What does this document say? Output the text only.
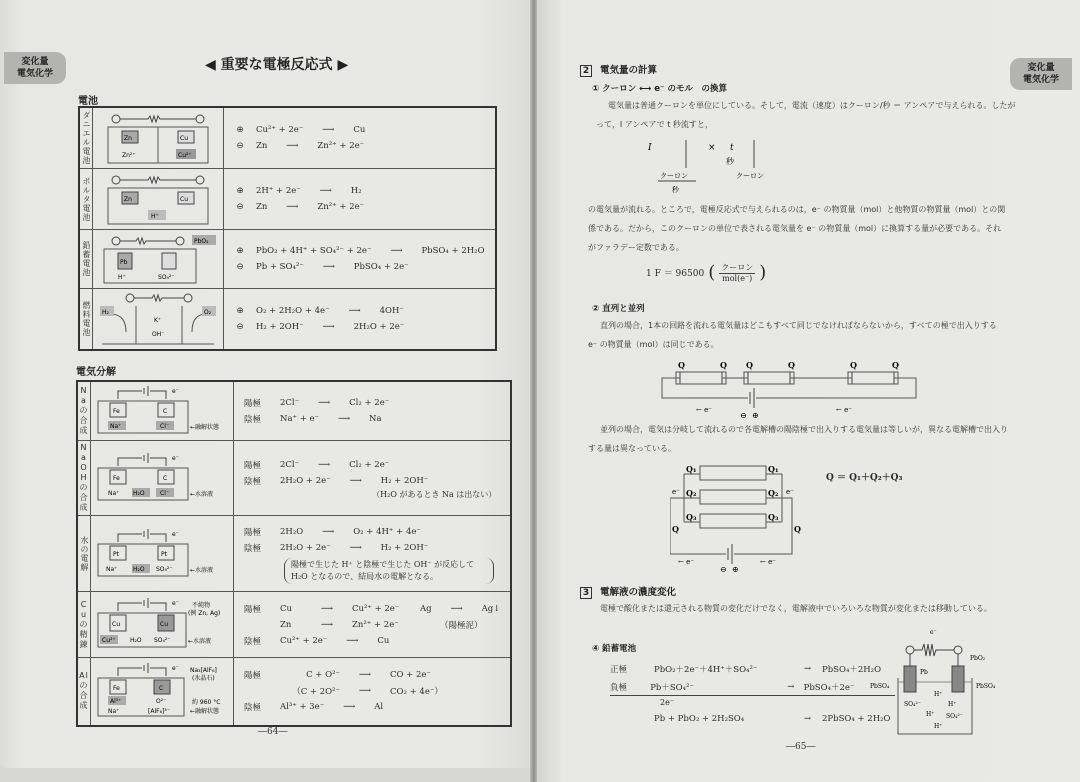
変化量
電気化学
◀ 重要な電極反応式 ▶
電池
ダニエル電池	Zn	Cu
Zn²⁺	Cu²⁺

⊕ Cu²⁺ + 2e⁻	⟶	Cu
⊖ Zn	⟶	Zn²⁺ + 2e⁻

ボルタ電池	Zn	Cu
H⁺

⊕ 2H⁺ + 2e⁻	⟶	H₂
⊖ Zn	⟶	Zn²⁺ + 2e⁻

鉛蓄電池	PbO₂
Pb
H⁺	SO₄²⁻

⊕ PbO₂ + 4H⁺ + SO₄²⁻ + 2e⁻	⟶	PbSO₄ + 2H₂O
⊖ Pb + SO₄²⁻	⟶	PbSO₄ + 2e⁻

燃料電池	H₂	O₂
K⁺
OH⁻

⊕ O₂ + 2H₂O + 4e⁻	⟶	4OH⁻
⊖ H₂ + 2OH⁻	⟶	2H₂O + 2e⁻
電気分解
Naの合成	
e⁻
Fe	C
Na⁺	Cl⁻	←融解状態

陽極	2Cl⁻	⟶	Cl₂ + 2e⁻
陰極	Na⁺ + e⁻	⟶	Na

NaOHの合成	
e⁻
Fe	C
Na⁺ H₂O	Cl⁻	←水溶液

陽極	2Cl⁻	⟶	Cl₂ + 2e⁻
陰極	2H₂O + 2e⁻	⟶	H₂ + 2OH⁻
（H₂O があるとき Na は出ない）

水の電解	
e⁻
Pt	Pt
Na⁺	H₂O SO₄²⁻	←水溶液

陽極	2H₂O	⟶	O₂ + 4H⁺ + 4e⁻
陰極	2H₂O + 2e⁻	⟶	H₂ + 2OH⁻
陽極で生じた H⁺ と陰極で生じた OH⁻ が反応して H₂O となるので、結局水の電解となる。

Cuの精錬	
e⁻ 不純物
(例 Zn, Ag)
Cu	Cu
Cu²⁺ H₂O SO₄²⁻	←水溶液

陽極	Cu	⟶	Cu²⁺ + 2e⁻	Ag	⟶	Ag↓
Zn	⟶	Zn²⁺ + 2e⁻	（陽極泥）
陰極	Cu²⁺ + 2e⁻	⟶	Cu

Alの合成	
e⁻ Na₃[AlF₆]
(氷晶石)
Fe	C
Al³⁺	O²⁻
Na⁺	[AlF₆]³⁻
約 960 °C
←融解状態

陽極	C + O²⁻	⟶	CO + 2e⁻
（C + 2O²⁻	⟶	CO₂ + 4e⁻）
陰極	Al³⁺ + 3e⁻	⟶	Al
―64―
変化量
電気化学
2 電気量の計算
① クーロン ⟷ e⁻ のモル　の換算
電気量は普通クーロンを単位にしている。そして，電流（速度）はクーロン/秒 ＝ アンペアで与えられる。したがって，I アンペアで t 秒流すと，
I	× t
秒
クーロン
秒
クーロン
の電気量が流れる。ところで，電極反応式で与えられるのは，e⁻ の物質量（mol）と他物質の物質量（mol）との関係である。だから，このクーロンの単位で表される電気量を e⁻ の物質量（mol）に換算する量が必要である。それがファラデー定数である。
1 F ＝ 96500 ( クーロン
mol(e⁻) )
② 直列と並列
直列の場合，1本の回路を流れる電気量はどこもすべて同じでなければならないから，すべての極で出入りする e⁻ の物質量（mol）は同じである。
Q	Q Q	Q	Q	Q
← e⁻	← e⁻
⊖ ⊕
並列の場合，電気は分岐して流れるので各電解槽の陽陰極で出入りする電気量は等しいが，異なる電解槽で出入りする量は異なっている。
Q₁	Q₁
Q₂	Q₂
Q₃	Q₃
Q	Q
e⁻	e⁻
← e⁻	← e⁻
⊖ ⊕
Q ＝ Q₁＋Q₂＋Q₃
3 電解液の濃度変化
電極で酸化または還元される物質の変化だけでなく，電解液中でいろいろな物質が変化または移動している。
④ 鉛蓄電池
正極	PbO₂＋2e⁻＋4H⁺＋SO₄²⁻	→	PbSO₄＋2H₂O
負極	Pb＋SO₄²⁻	→	PbSO₄＋2e⁻
2e⁻
Pb + PbO₂ + 2H₂SO₄	→	2PbSO₄ + 2H₂O
e⁻
Pb
PbO₂
PbSO₄	PbSO₄
SO₄²⁻
H⁺
H⁺
H⁺ SO₄²⁻
H⁺
―65―
